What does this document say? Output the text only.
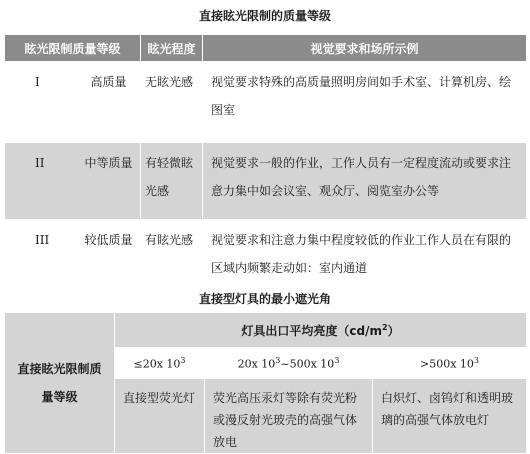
直接眩光限制的质量等级
眩光限制质量等级	眩光程度	视觉要求和场所示例

I 高质量	无眩光感	视觉要求特殊的高质量照明房间如手术室、计算机房、绘图室

II 中等质量	有轻微眩光感	视觉要求一般的作业，工作人员有一定程度流动或要求注意力集中如会议室、观众厅、阅览室办公等

III 较低质量	有眩光感	视觉要求和注意力集中程度较低的作业工作人员在有限的区域内频繁走动如：室内通道
直接型灯具的最小遮光角
直接眩光限制质量等级	灯具出口平均亮度$(cd/m^2)$		
	≤20x $10^3$	20x $10^3\sim 500x$ $10^3$	>500x $10^3$
	直接型荧光灯	荧光高压汞灯等除有荧光粉或漫反射光玻壳的高强气体放电	白炽灯、卤钨灯和透明玻璃的高强气体放电灯
